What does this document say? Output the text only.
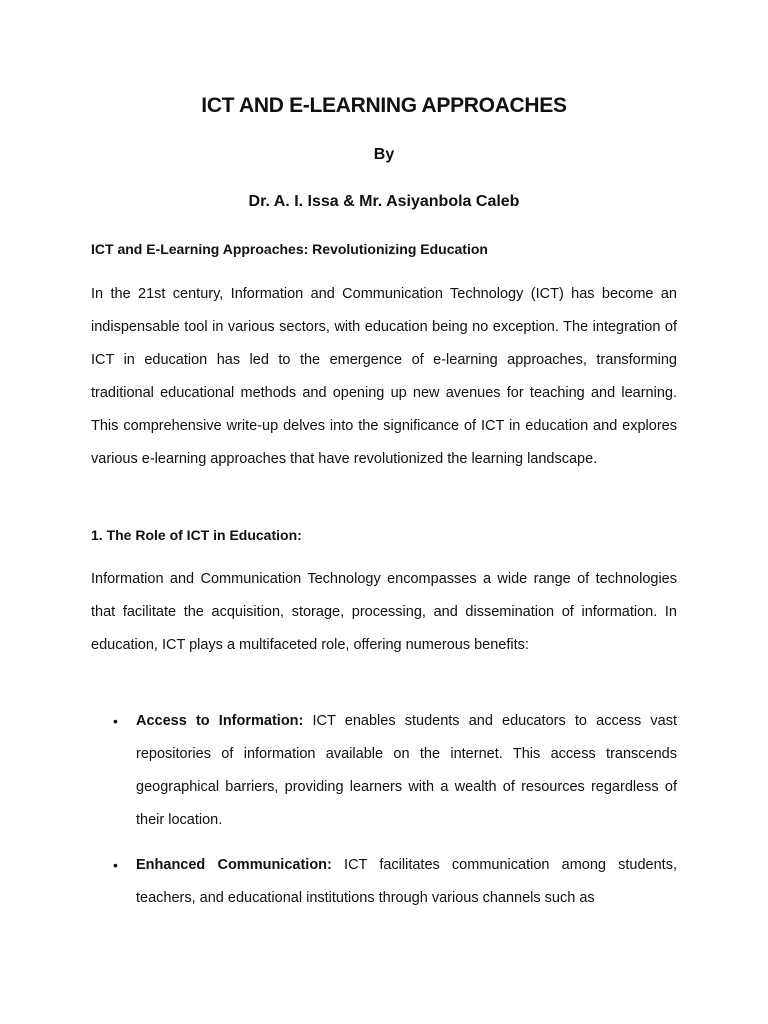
ICT AND E-LEARNING APPROACHES
By
Dr. A. I. Issa & Mr. Asiyanbola Caleb
ICT and E-Learning Approaches: Revolutionizing Education

In the 21st century, Information and Communication Technology (ICT) has become an indispensable tool in various sectors, with education being no exception. The integration of ICT in education has led to the emergence of e-learning approaches, transforming traditional educational methods and opening up new avenues for teaching and learning. This comprehensive write-up delves into the significance of ICT in education and explores various e-learning approaches that have revolutionized the learning landscape.

1. The Role of ICT in Education:

Information and Communication Technology encompasses a wide range of technologies that facilitate the acquisition, storage, processing, and dissemination of information. In education, ICT plays a multifaceted role, offering numerous benefits:

• Access to Information: ICT enables students and educators to access vast repositories of information available on the internet. This access transcends geographical barriers, providing learners with a wealth of resources regardless of their location.

• Enhanced Communication: ICT facilitates communication among students, teachers, and educational institutions through various channels such as
